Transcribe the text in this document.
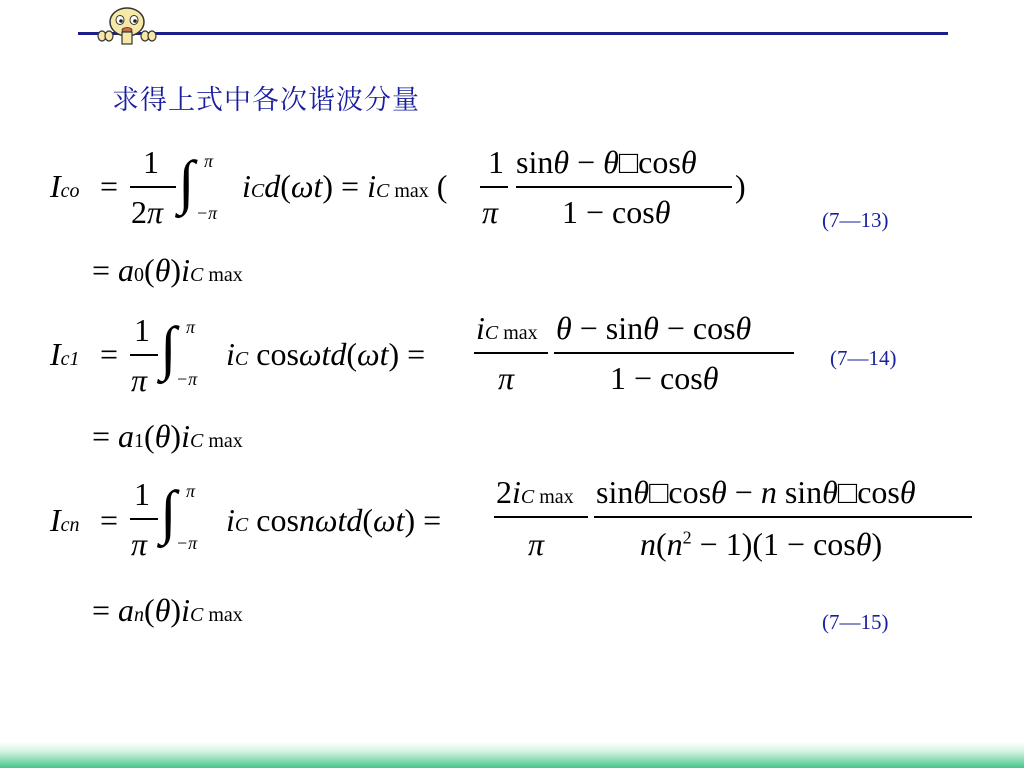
求得上式中各次谐波分量
Ico =
1
2π ∫ π
−π
iCd(ωt) = iC max (
1
π
sinθ − θ□cosθ
1 − cosθ
)
= a0(θ)iC max
(7—13)
Ic1 =
1
π ∫ π
−π
iC cosωtd(ωt) =
iC max
π
θ − sinθ − cosθ
1 − cosθ
= a1(θ)iC max
(7—14)
Icn =
1
π ∫ π
−π
iC cosnωtd(ωt) =
2iC max
π
sinθ□cosθ − n sinθ□cosθ
$n(n^2 - 1)(1 - \cos\theta)$
= an(θ)iC max	(7—15)
